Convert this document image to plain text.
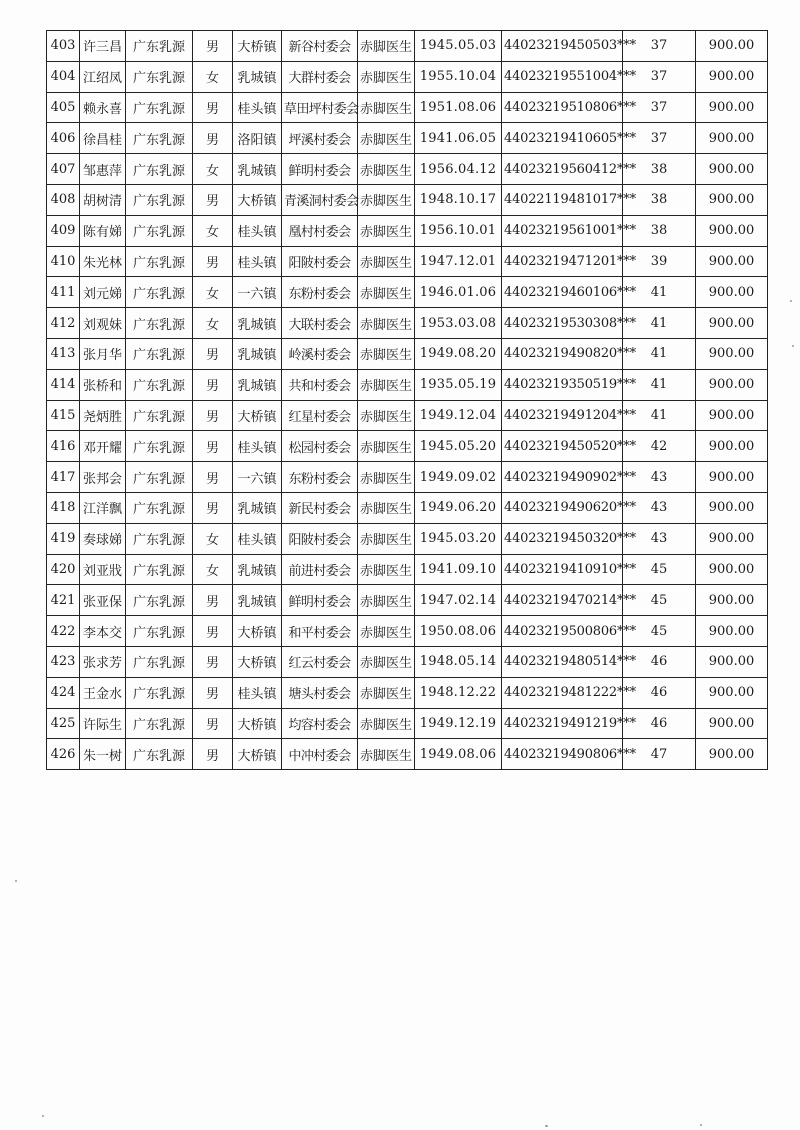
403	许三昌	广东乳源	男	大桥镇	新谷村委会	赤脚医生	1945.05.03	44023219450503***	37	900.00
404	江绍凤	广东乳源	女	乳城镇	大群村委会	赤脚医生	1955.10.04	44023219551004***	37	900.00
405	赖永喜	广东乳源	男	桂头镇	草田坪村委会	赤脚医生	1951.08.06	44023219510806***	37	900.00
406	徐昌桂	广东乳源	男	洛阳镇	坪溪村委会	赤脚医生	1941.06.05	44023219410605***	37	900.00
407	邹惠萍	广东乳源	女	乳城镇	鲜明村委会	赤脚医生	1956.04.12	44023219560412***	38	900.00
408	胡树清	广东乳源	男	大桥镇	青溪洞村委会	赤脚医生	1948.10.17	44022119481017***	38	900.00
409	陈有娣	广东乳源	女	桂头镇	凰村村委会	赤脚医生	1956.10.01	44023219561001***	38	900.00
410	朱光林	广东乳源	男	桂头镇	阳陂村委会	赤脚医生	1947.12.01	44023219471201***	39	900.00
411	刘元娣	广东乳源	女	一六镇	东粉村委会	赤脚医生	1946.01.06	44023219460106***	41	900.00
412	刘观妹	广东乳源	女	乳城镇	大联村委会	赤脚医生	1953.03.08	44023219530308***	41	900.00
413	张月华	广东乳源	男	乳城镇	岭溪村委会	赤脚医生	1949.08.20	44023219490820***	41	900.00
414	张桥和	广东乳源	男	乳城镇	共和村委会	赤脚医生	1935.05.19	44023219350519***	41	900.00
415	尧炳胜	广东乳源	男	大桥镇	红星村委会	赤脚医生	1949.12.04	44023219491204***	41	900.00
416	邓开耀	广东乳源	男	桂头镇	松园村委会	赤脚医生	1945.05.20	44023219450520***	42	900.00
417	张邦会	广东乳源	男	一六镇	东粉村委会	赤脚医生	1949.09.02	44023219490902***	43	900.00
418	江洋飘	广东乳源	男	乳城镇	新民村委会	赤脚医生	1949.06.20	44023219490620***	43	900.00
419	奏球娣	广东乳源	女	桂头镇	阳陂村委会	赤脚医生	1945.03.20	44023219450320***	43	900.00
420	刘亚戕	广东乳源	女	乳城镇	前进村委会	赤脚医生	1941.09.10	44023219410910***	45	900.00
421	张亚保	广东乳源	男	乳城镇	鲜明村委会	赤脚医生	1947.02.14	44023219470214***	45	900.00
422	李本交	广东乳源	男	大桥镇	和平村委会	赤脚医生	1950.08.06	44023219500806***	45	900.00
423	张求芳	广东乳源	男	大桥镇	红云村委会	赤脚医生	1948.05.14	44023219480514***	46	900.00
424	王金水	广东乳源	男	桂头镇	塘头村委会	赤脚医生	1948.12.22	44023219481222***	46	900.00
425	许际生	广东乳源	男	大桥镇	均容村委会	赤脚医生	1949.12.19	44023219491219***	46	900.00
426	朱一树	广东乳源	男	大桥镇	中冲村委会	赤脚医生	1949.08.06	44023219490806***	47	900.00
